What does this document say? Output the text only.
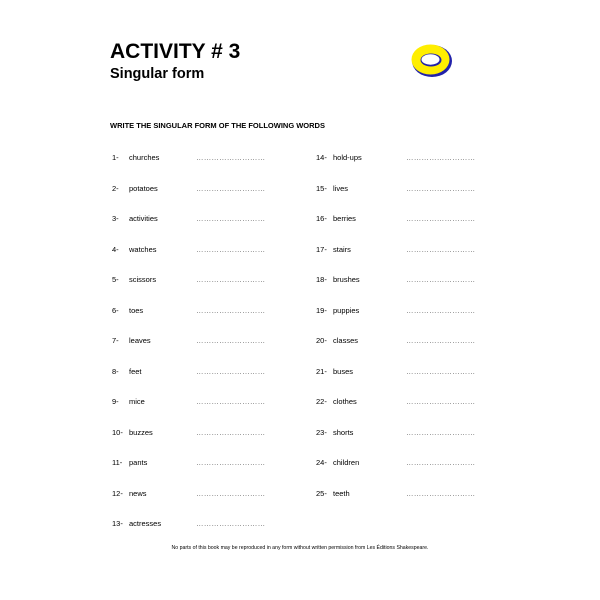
ACTIVITY # 3
Singular form
WRITE THE SINGULAR FORM OF THE FOLLOWING WORDS
1- churches	………………………
2- potatoes	………………………
3- activities	………………………
4- watches	………………………
5- scissors	………………………
6- toes	………………………
7- leaves	………………………
8- feet	………………………
9- mice	………………………
10- buzzes	………………………
11- pants	………………………
12- news	………………………
13- actresses	………………………
14- hold-ups	………………………
15- lives	………………………
16- berries	………………………
17- stairs	………………………
18- brushes	………………………
19- puppies	………………………
20- classes	………………………
21- buses	………………………
22- clothes	………………………
23- shorts	………………………
24- children	………………………
25- teeth	………………………
No parts of this book may be reproduced in any form without written permission from Les Éditions Shakespeare.
